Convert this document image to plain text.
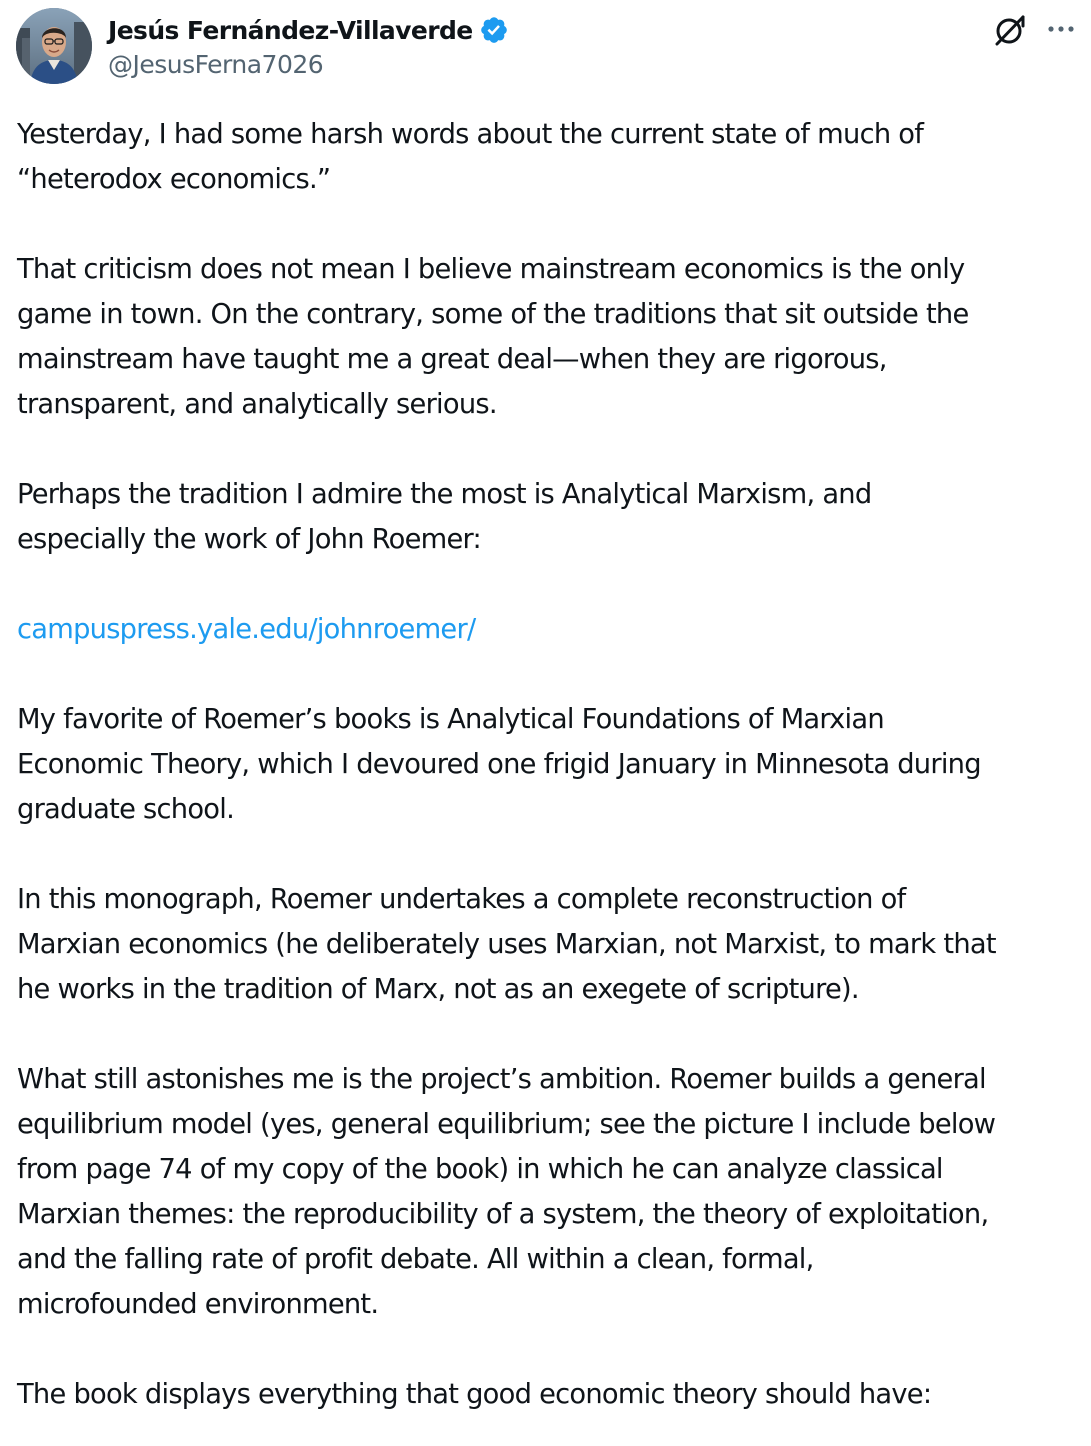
Jesús Fernández-Villaverde
@JesusFerna7026

Yesterday, I had some harsh words about the current state of much of
“heterodox economics.”

That criticism does not mean I believe mainstream economics is the only
game in town. On the contrary, some of the traditions that sit outside the
mainstream have taught me a great deal—when they are rigorous,
transparent, and analytically serious.

Perhaps the tradition I admire the most is Analytical Marxism, and
especially the work of John Roemer:

campuspress.yale.edu/johnroemer/

My favorite of Roemer’s books is Analytical Foundations of Marxian
Economic Theory, which I devoured one frigid January in Minnesota during
graduate school.

In this monograph, Roemer undertakes a complete reconstruction of
Marxian economics (he deliberately uses Marxian, not Marxist, to mark that
he works in the tradition of Marx, not as an exegete of scripture).

What still astonishes me is the project’s ambition. Roemer builds a general
equilibrium model (yes, general equilibrium; see the picture I include below
from page 74 of my copy of the book) in which he can analyze classical
Marxian themes: the reproducibility of a system, the theory of exploitation,
and the falling rate of profit debate. All within a clean, formal,
microfounded environment.

The book displays everything that good economic theory should have:
